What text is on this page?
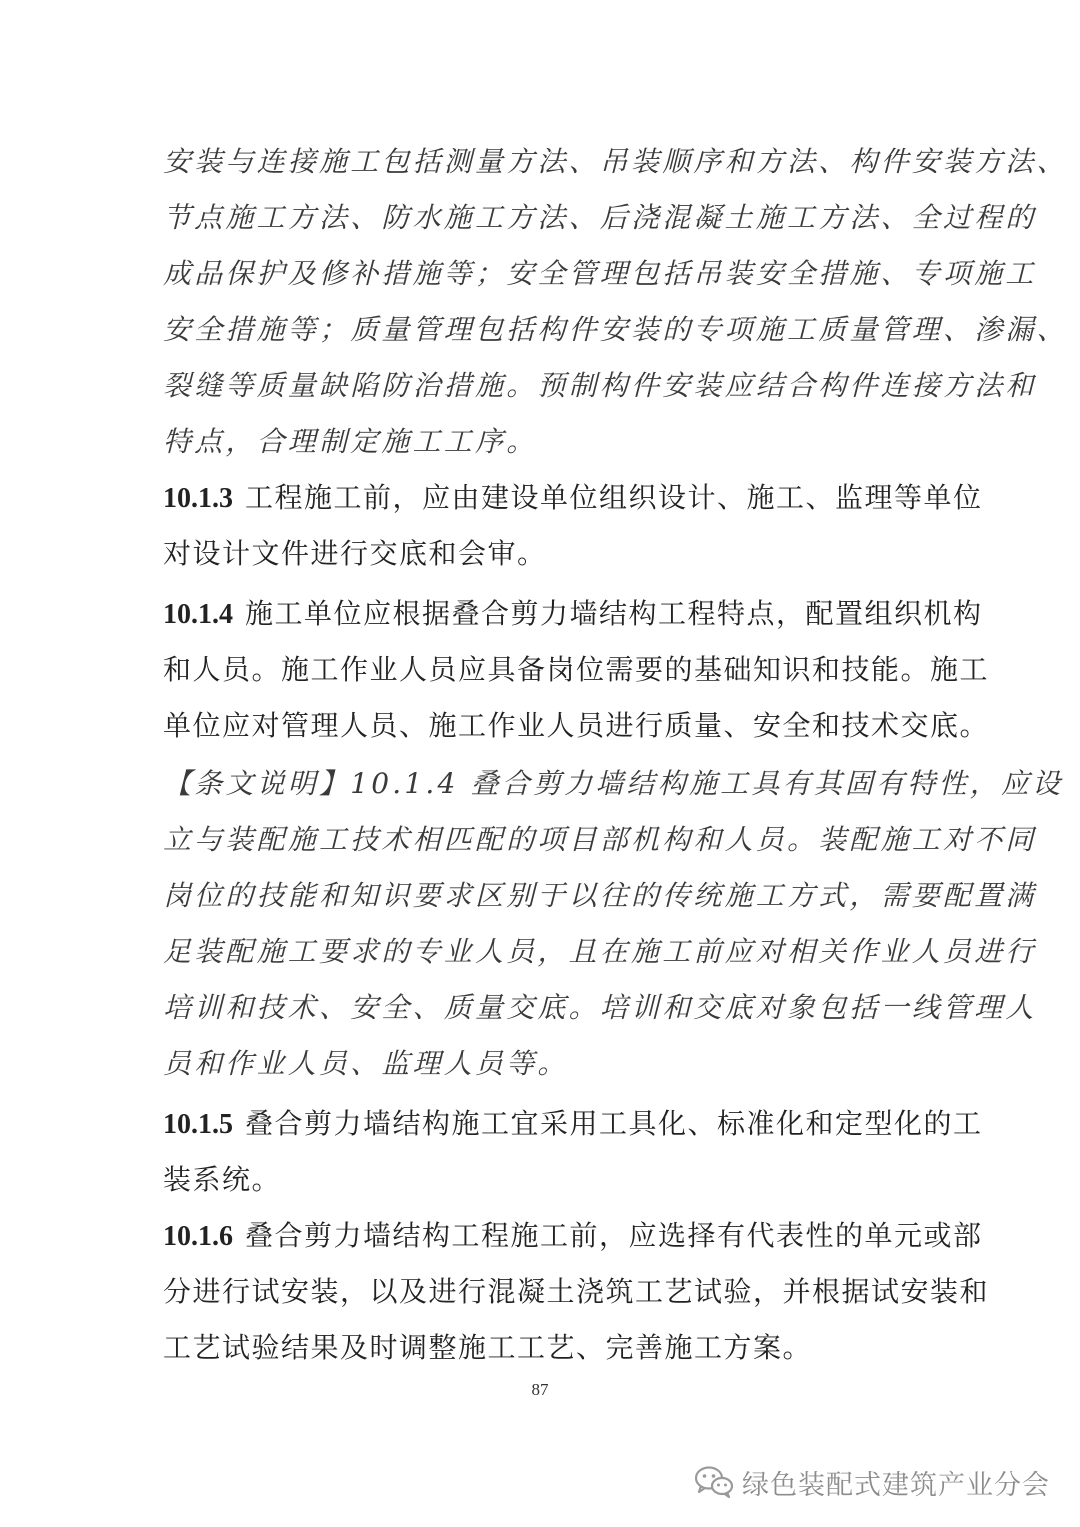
安装与连接施工包括测量方法、吊装顺序和方法、构件安装方法、
节点施工方法、防水施工方法、后浇混凝土施工方法、全过程的
成品保护及修补措施等；安全管理包括吊装安全措施、专项施工
安全措施等；质量管理包括构件安装的专项施工质量管理、渗漏、
裂缝等质量缺陷防治措施。预制构件安装应结合构件连接方法和
特点，合理制定施工工序。
10.1.3 工程施工前，应由建设单位组织设计、施工、监理等单位
对设计文件进行交底和会审。
10.1.4 施工单位应根据叠合剪力墙结构工程特点，配置组织机构
和人员。施工作业人员应具备岗位需要的基础知识和技能。施工
单位应对管理人员、施工作业人员进行质量、安全和技术交底。
【条文说明】10.1.4 叠合剪力墙结构施工具有其固有特性，应设
立与装配施工技术相匹配的项目部机构和人员。装配施工对不同
岗位的技能和知识要求区别于以往的传统施工方式，需要配置满
足装配施工要求的专业人员，且在施工前应对相关作业人员进行
培训和技术、安全、质量交底。培训和交底对象包括一线管理人
员和作业人员、监理人员等。
10.1.5 叠合剪力墙结构施工宜采用工具化、标准化和定型化的工
装系统。
10.1.6 叠合剪力墙结构工程施工前，应选择有代表性的单元或部
分进行试安装，以及进行混凝土浇筑工艺试验，并根据试安装和
工艺试验结果及时调整施工工艺、完善施工方案。
87
绿色装配式建筑产业分会
